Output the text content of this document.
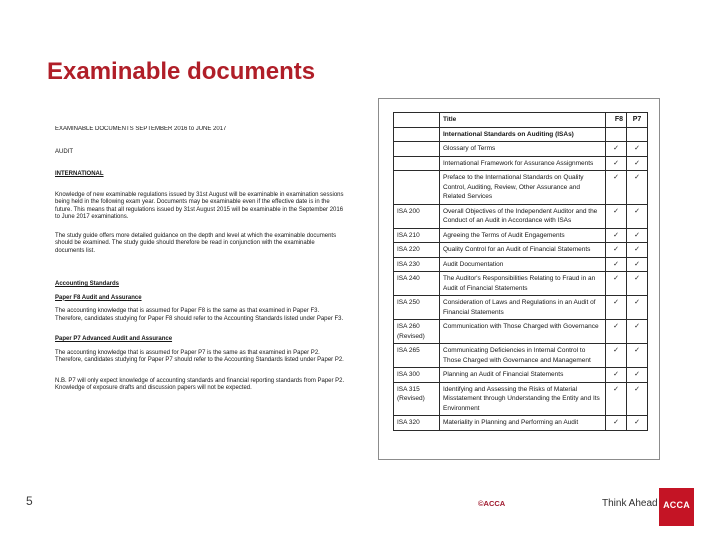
Examinable documents
EXAMINABLE DOCUMENTS SEPTEMBER 2016 to JUNE 2017
AUDIT
INTERNATIONAL
Knowledge of new examinable regulations issued by 31st August will be examinable in examination sessions being held in the following exam year. Documents may be examinable even if the effective date is in the future. This means that all regulations issued by 31st August 2015 will be examinable in the September 2016 to June 2017 examinations.
The study guide offers more detailed guidance on the depth and level at which the examinable documents should be examined. The study guide should therefore be read in conjunction with the examinable documents list.
Accounting Standards
Paper F8 Audit and Assurance
The accounting knowledge that is assumed for Paper F8 is the same as that examined in Paper F3. Therefore, candidates studying for Paper F8 should refer to the Accounting Standards listed under Paper F3.
Paper P7 Advanced Audit and Assurance
The accounting knowledge that is assumed for Paper P7 is the same as that examined in Paper P2. Therefore, candidates studying for Paper P7 should refer to the Accounting Standards listed under Paper P2.
N.B. P7 will only expect knowledge of accounting standards and financial reporting standards from Paper P2. Knowledge of exposure drafts and discussion papers will not be expected.
	Title	F8	P7
	International Standards on Auditing (ISAs)		
	Glossary of Terms	✓	✓
	International Framework for Assurance Assignments	✓	✓
	Preface to the International Standards on Quality Control, Auditing, Review, Other Assurance and Related Services	✓	✓
ISA 200	Overall Objectives of the Independent Auditor and the Conduct of an Audit in Accordance with ISAs	✓	✓
ISA 210	Agreeing the Terms of Audit Engagements	✓	✓
ISA 220	Quality Control for an Audit of Financial Statements	✓	✓
ISA 230	Audit Documentation	✓	✓
ISA 240	The Auditor's Responsibilities Relating to Fraud in an Audit of Financial Statements	✓	✓
ISA 250	Consideration of Laws and Regulations in an Audit of Financial Statements	✓	✓
ISA 260 (Revised)	Communication with Those Charged with Governance	✓	✓
ISA 265	Communicating Deficiencies in Internal Control to Those Charged with Governance and Management	✓	✓
ISA 300	Planning an Audit of Financial Statements	✓	✓
ISA 315 (Revised)	Identifying and Assessing the Risks of Material Misstatement through Understanding the Entity and Its Environment	✓	✓
ISA 320	Materiality in Planning and Performing an Audit	✓	✓
5	©ACCA	Think Ahead ACCA
